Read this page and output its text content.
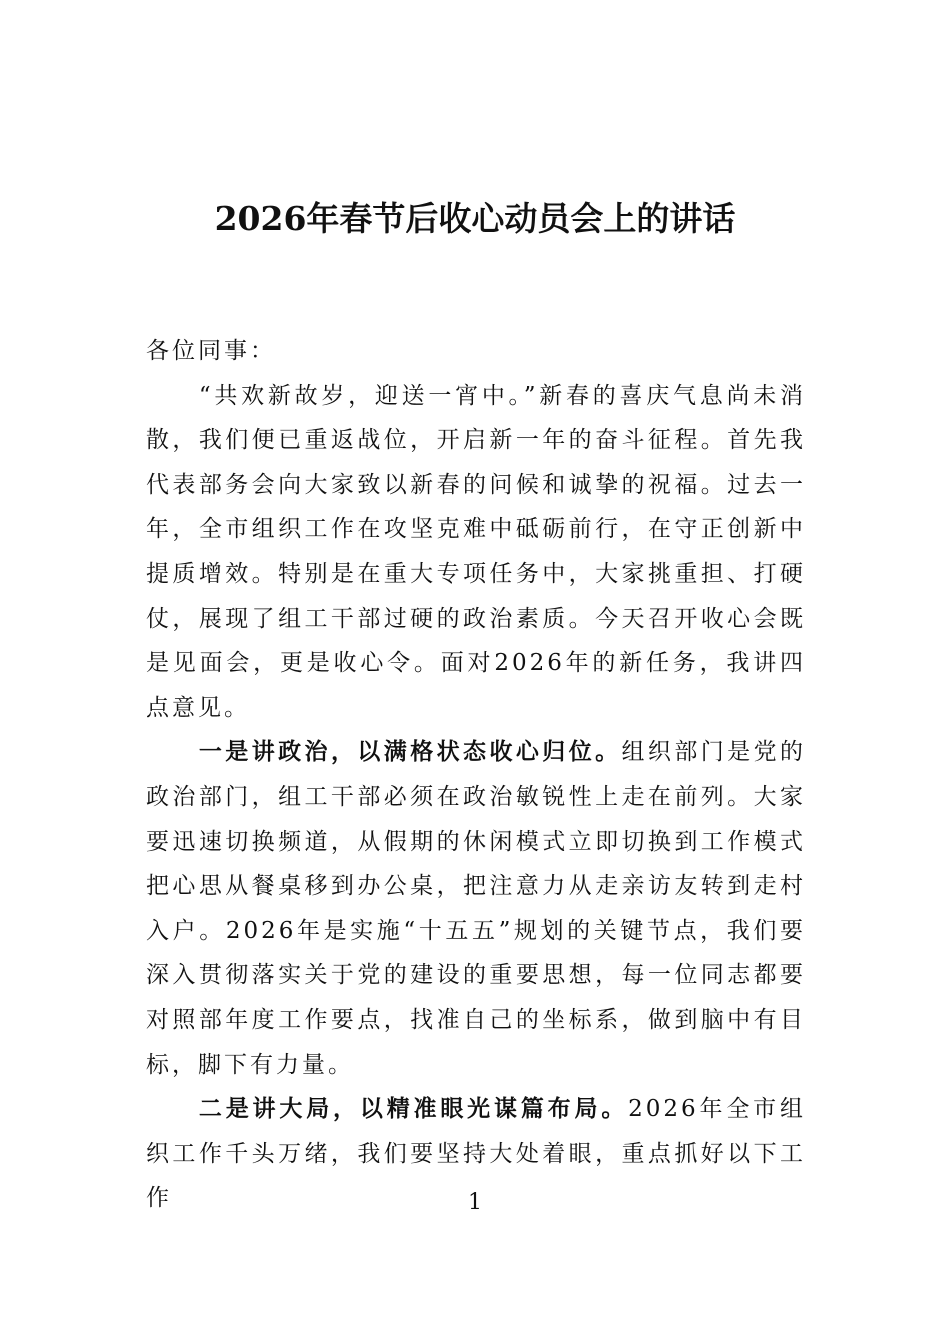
2026年春节后收心动员会上的讲话

各位同事：

“共欢新故岁，迎送一宵中。”新春的喜庆气息尚未消散，我们便已重返战位，开启新一年的奋斗征程。首先我代表部务会向大家致以新春的问候和诚挚的祝福。过去一年，全市组织工作在攻坚克难中砥砺前行，在守正创新中提质增效。特别是在重大专项任务中，大家挑重担、打硬仗，展现了组工干部过硬的政治素质。今天召开收心会既是见面会，更是收心令。面对2026年的新任务，我讲四点意见。

一是讲政治，以满格状态收心归位。组织部门是党的政治部门，组工干部必须在政治敏锐性上走在前列。大家要迅速切换频道，从假期的休闲模式立即切换到工作模式把心思从餐桌移到办公桌，把注意力从走亲访友转到走村入户。2026年是实施“十五五”规划的关键节点，我们要深入贯彻落实关于党的建设的重要思想，每一位同志都要对照部年度工作要点，找准自己的坐标系，做到脑中有目标，脚下有力量。

二是讲大局，以精准眼光谋篇布局。2026年全市组织工作千头万绪，我们要坚持大处着眼，重点抓好以下工作	1
